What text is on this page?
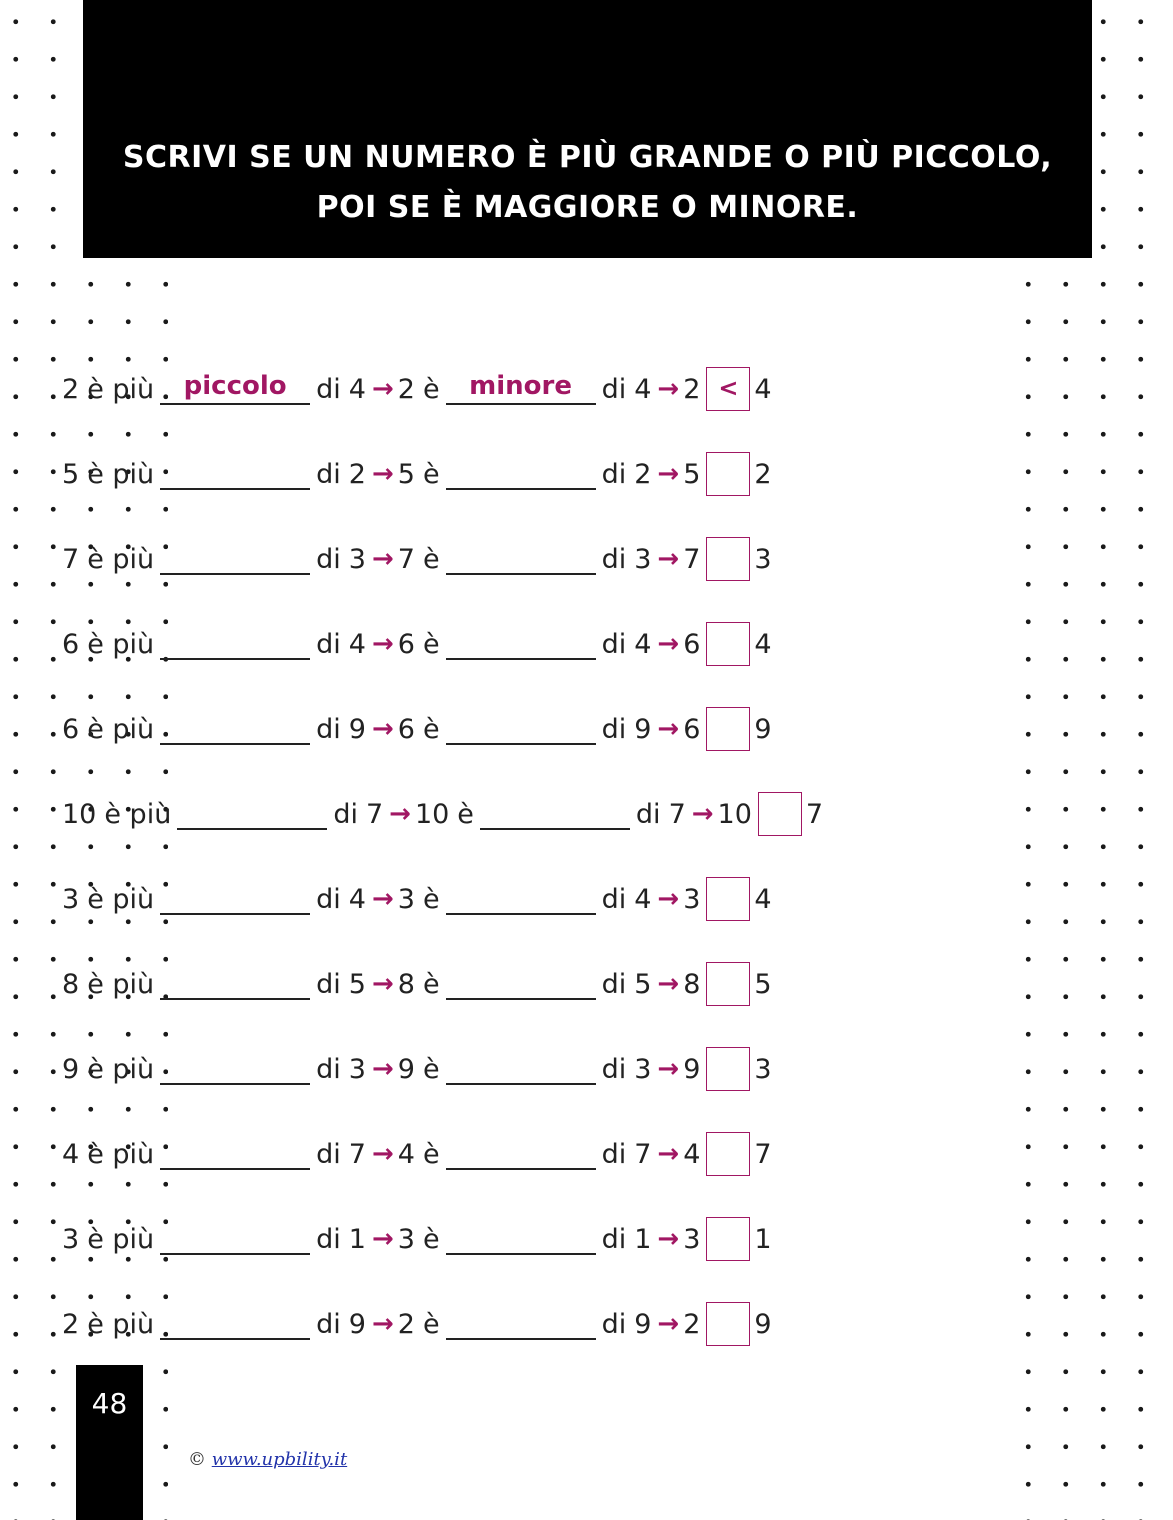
SCRIVI SE UN NUMERO È PIÙ GRANDE O PIÙ PICCOLO,
POI SE È MAGGIORE O MINORE.
2 è più	piccolo	di 4 → 2 è	minore	di 4 → 2 < 4
5 è più	di 2 → 5 è	di 2 → 5 2
7 è più	di 3 → 7 è	di 3 → 7 3
6 è più	di 4 → 6 è	di 4 → 6 4
6 è più	di 9 → 6 è	di 9 → 6 9
10 è più	di 7 → 10 è	di 7 → 10 7
3 è più	di 4 → 3 è	di 4 → 3 4
8 è più	di 5 → 8 è	di 5 → 8 5
9 è più	di 3 → 9 è	di 3 → 9 3
4 è più	di 7 → 4 è	di 7 → 4 7
3 è più	di 1 → 3 è	di 1 → 3 1
2 è più	di 9 → 2 è	di 9 → 2 9
48
© www.upbility.it
